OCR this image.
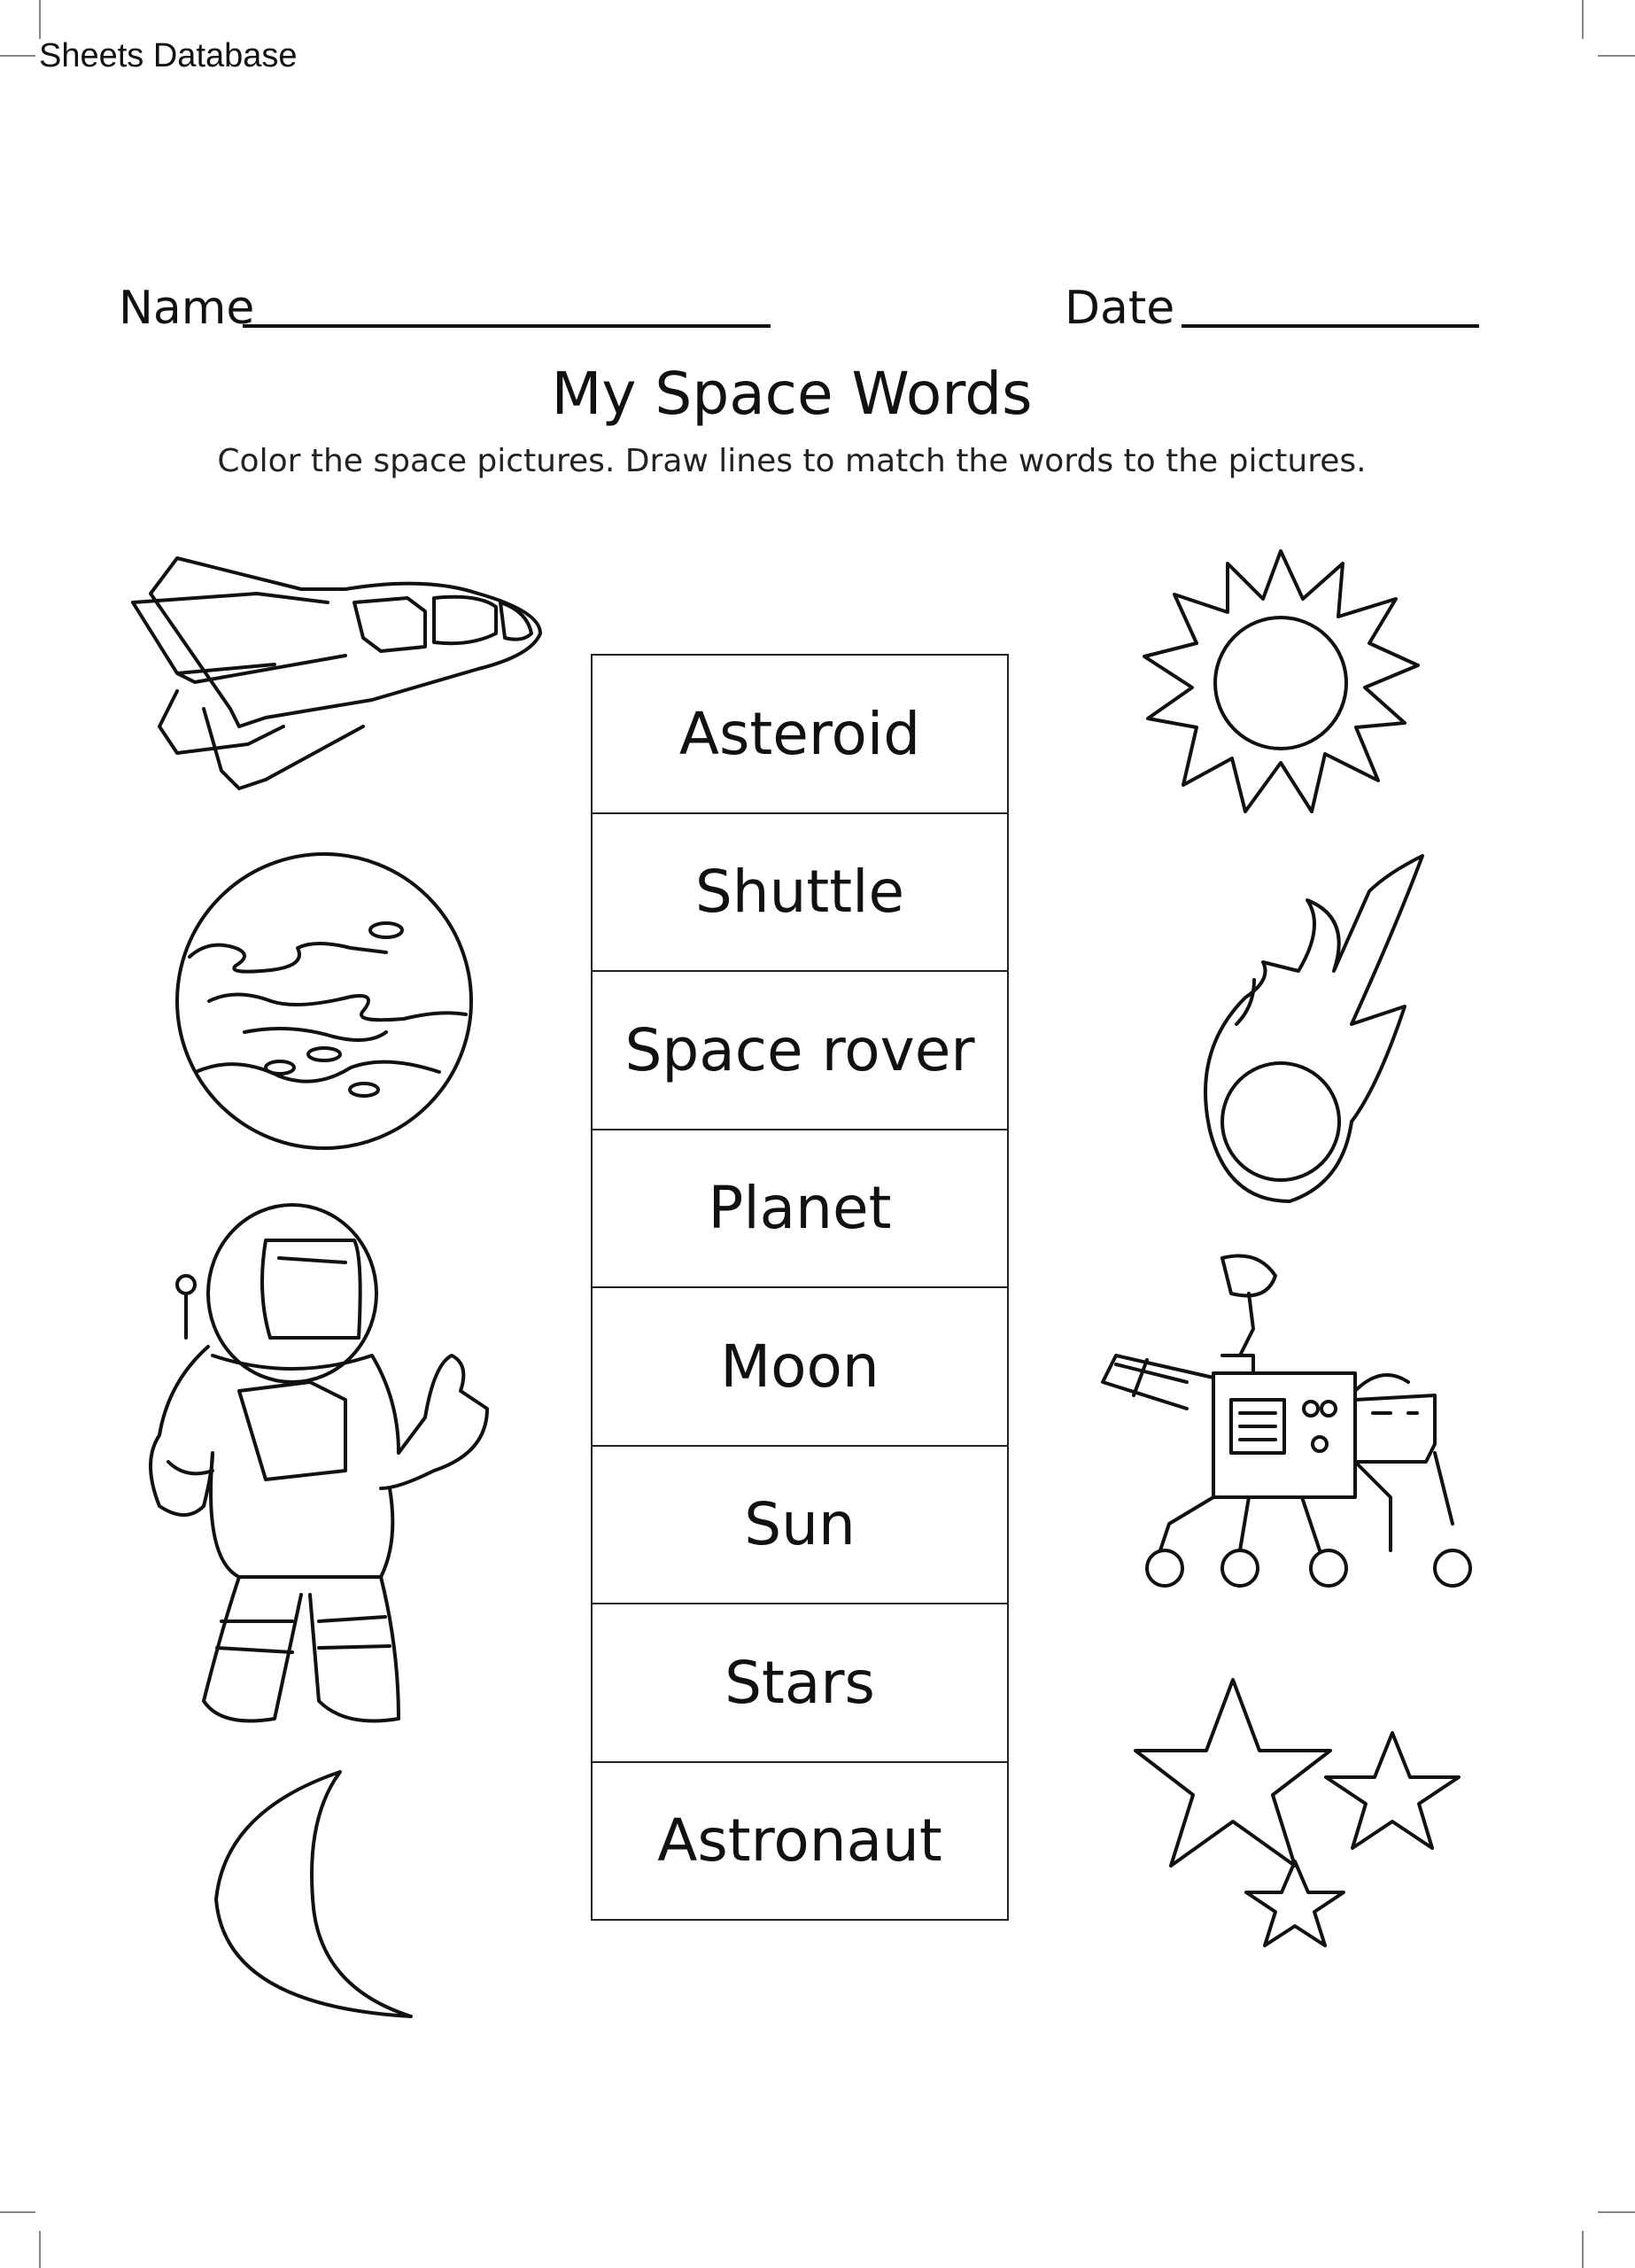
Sheets Database
Name	Date
My Space Words
Color the space pictures. Draw lines to match the words to the pictures.
Asteroid
Shuttle
Space rover
Planet
Moon
Sun
Stars
Astronaut
